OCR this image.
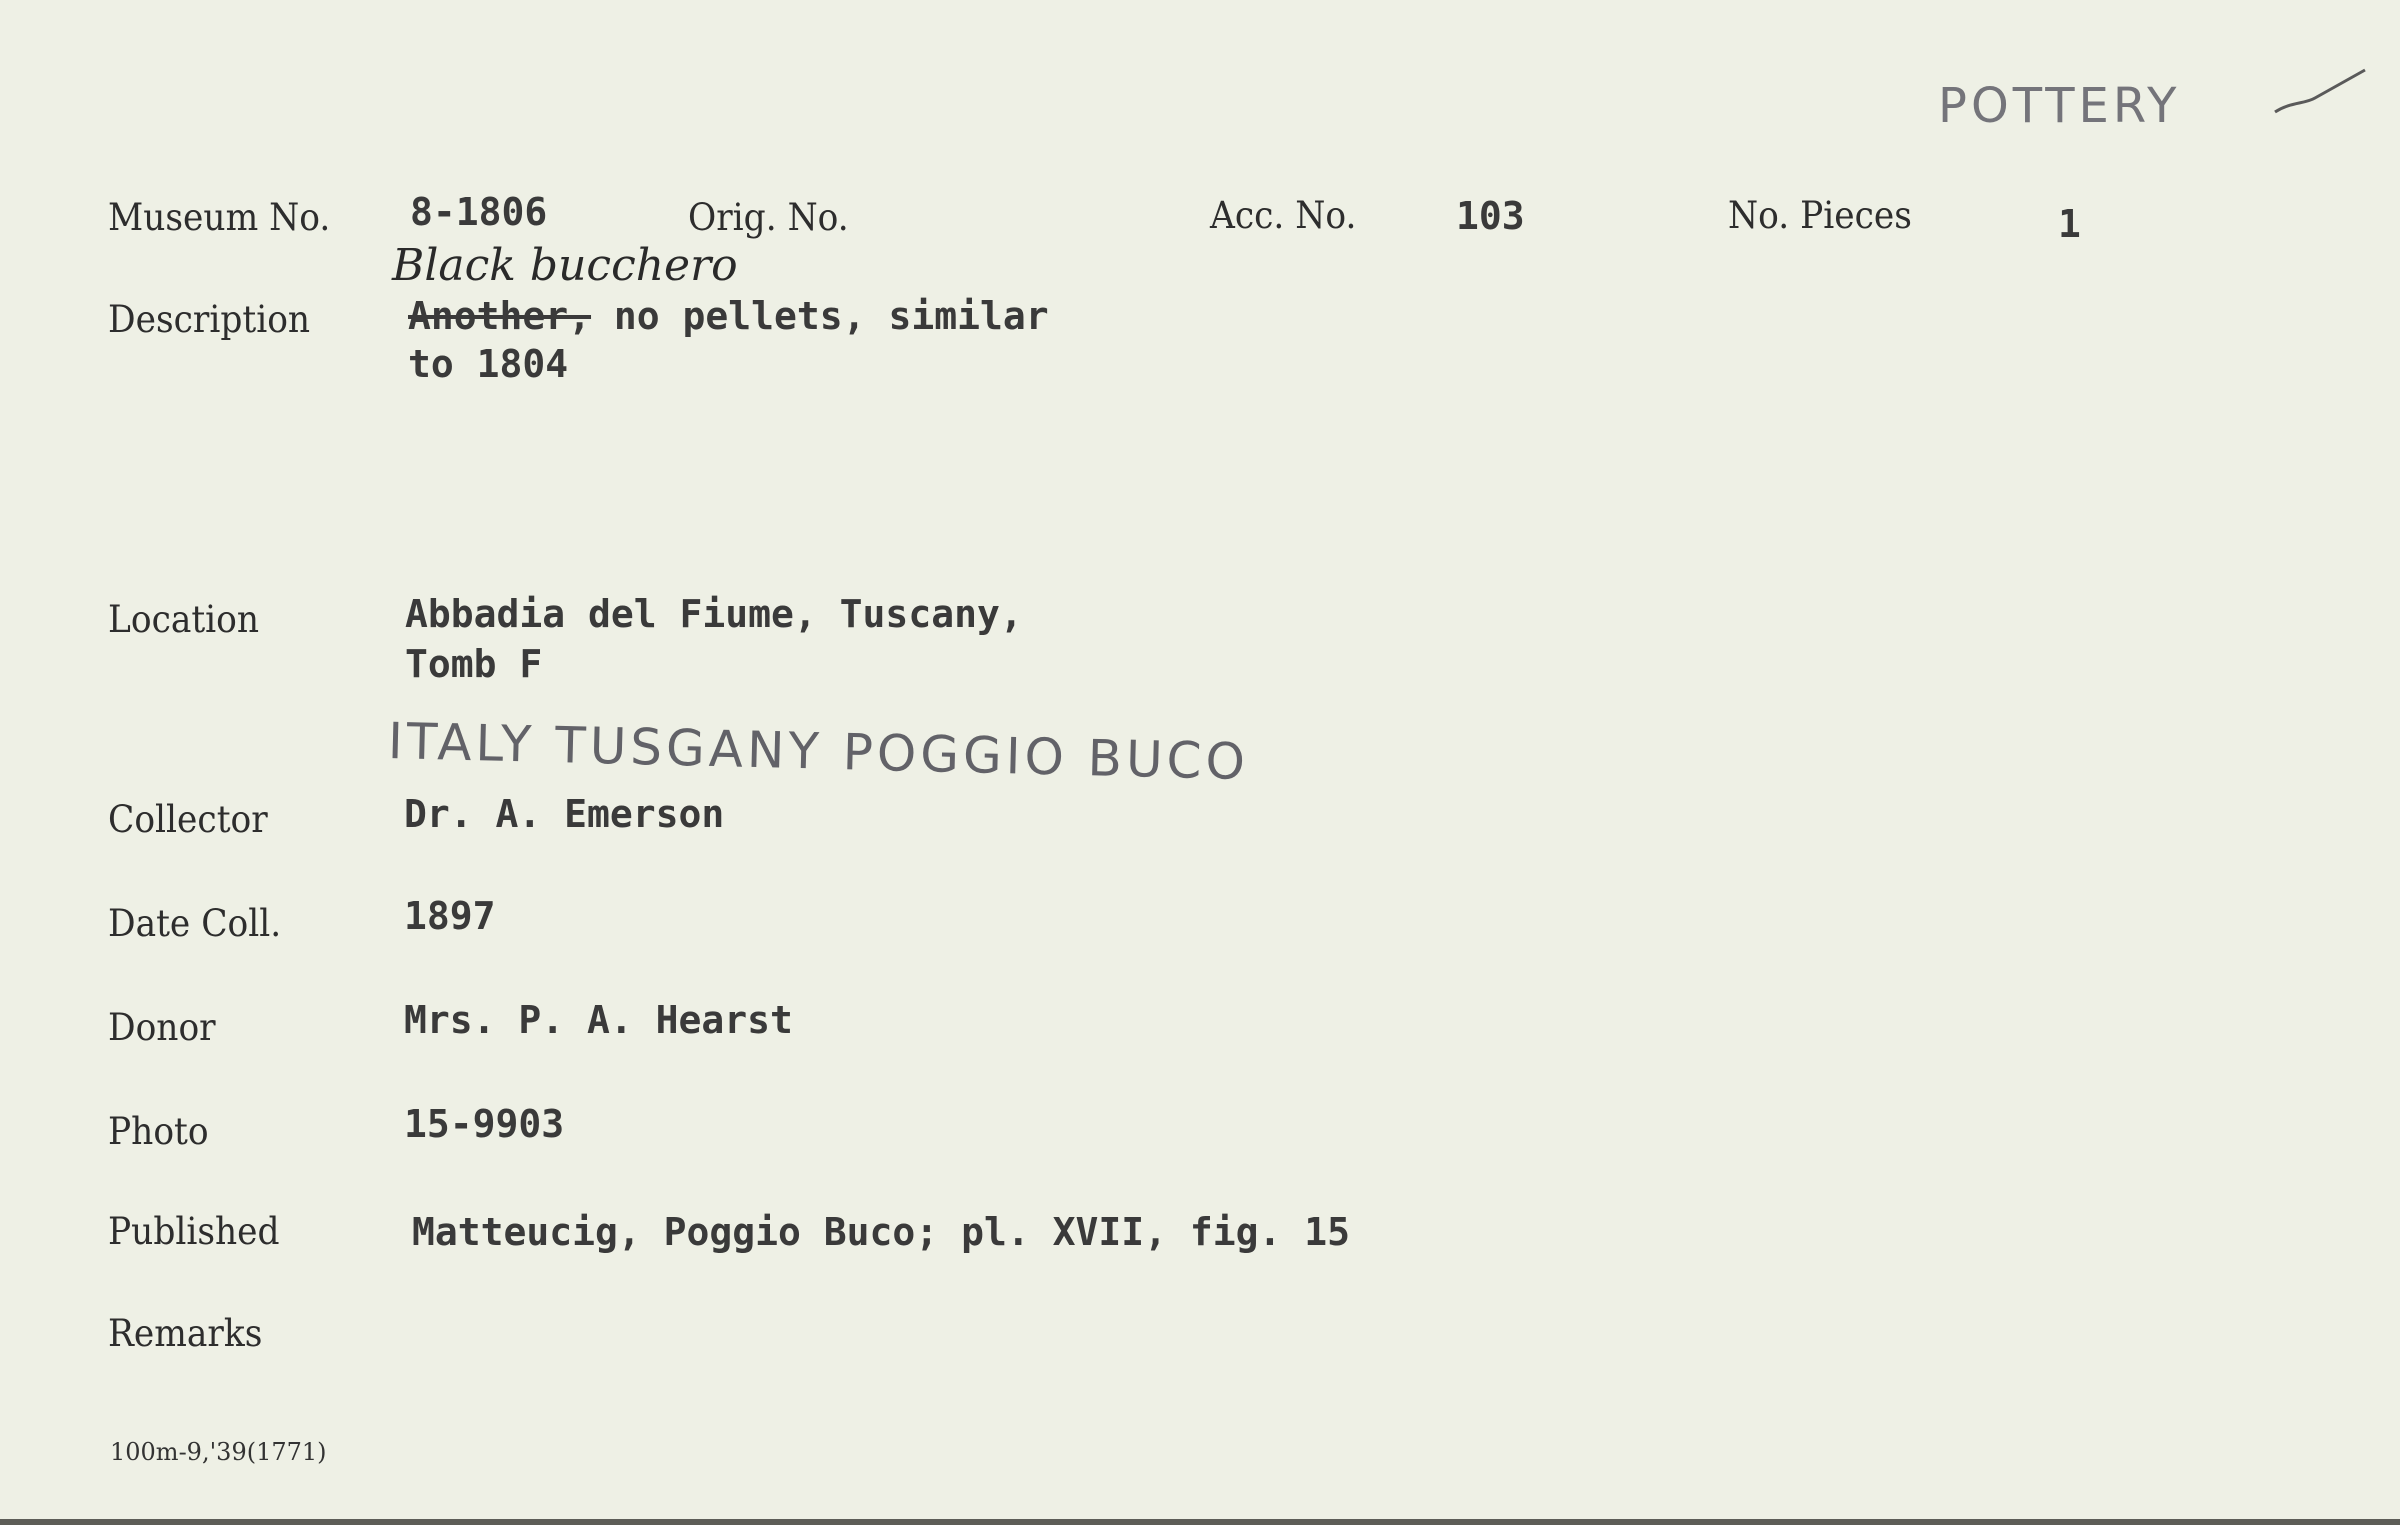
POTTERY
Museum No. 8-1806	Orig. No.	Acc. No.	103	No. Pieces	1
Black bucchero
Description	Another, no pellets, similar
to 1804
Location	Abbadia del Fiume, Tuscany,
Tomb F
ITALY TUSGANY POGGIO BUCO
Collector	Dr. A. Emerson
Date Coll.	1897
Donor	Mrs. P. A. Hearst
Photo	15-9903
Published	Matteucig, Poggio Buco; pl. XVII, fig. 15
Remarks
100m-9,'39(1771)
